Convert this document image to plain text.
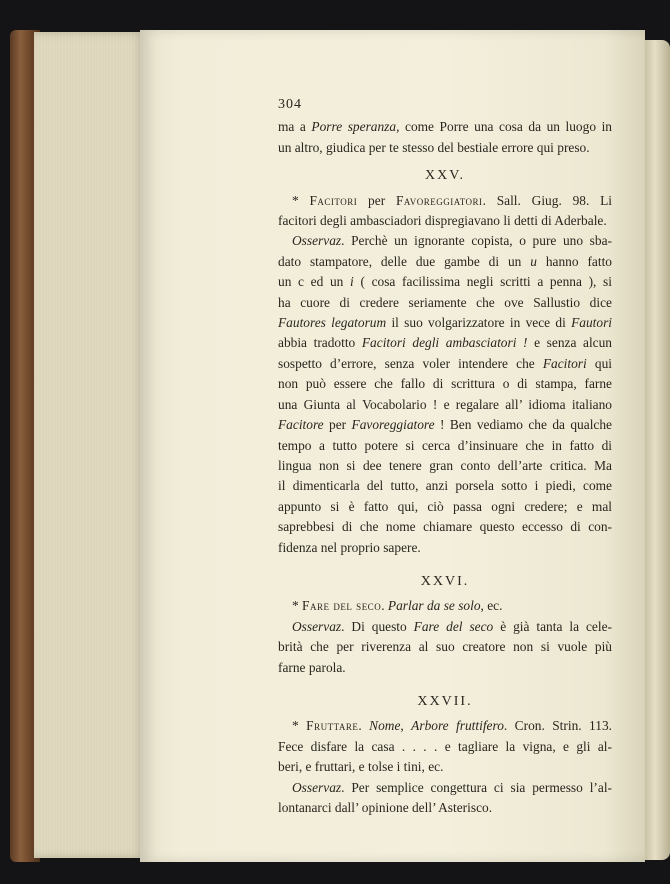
304
ma a Porre speranza, come Porre una cosa da un luogo in
un altro, giudica per te stesso del bestiale errore qui preso.
XXV.
* Facitori per Favoreggiatori. Sall. Giug. 98. Li
facitori degli ambasciadori dispregiavano li detti di Aderbale.
Osservaz. Perchè un ignorante copista, o pure uno sba-
dato stampatore, delle due gambe di un u hanno fatto
un c ed un i ( cosa facilissima negli scritti a penna ), si
ha cuore di credere seriamente che ove Sallustio dice
Fautores legatorum il suo volgarizzatore in vece di Fautori
abbia tradotto Facitori degli ambasciatori ! e senza alcun
sospetto d’errore, senza voler intendere che Facitori qui
non può essere che fallo di scrittura o di stampa, farne
una Giunta al Vocabolario ! e regalare all’ idioma italiano
Facitore per Favoreggiatore ! Ben vediamo che da qualche
tempo a tutto potere si cerca d’insinuare che in fatto di
lingua non si dee tenere gran conto dell’arte critica. Ma
il dimenticarla del tutto, anzi porsela sotto i piedi, come
appunto si è fatto qui, ciò passa ogni credere; e mal
saprebbesi di che nome chiamare questo eccesso di con-
fidenza nel proprio sapere.
XXVI.
* Fare del seco. Parlar da se solo, ec.
Osservaz. Di questo Fare del seco è già tanta la cele-
brità che per riverenza al suo creatore non si vuole più
farne parola.
XXVII.
* Fruttare. Nome, Arbore fruttifero. Cron. Strin. 113.
Fece disfare la casa . . . . e tagliare la vigna, e gli al-
beri, e fruttari, e tolse i tini, ec.
Osservaz. Per semplice congettura ci sia permesso l’al-
lontanarci dall’ opinione dell’ Asterisco.
